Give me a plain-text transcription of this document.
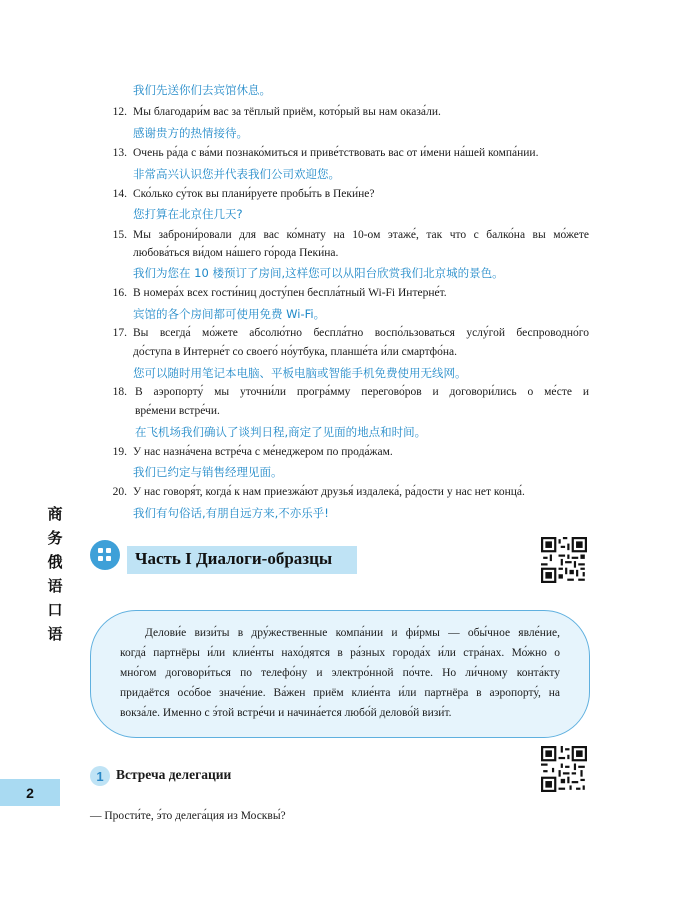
我们先送你们去宾馆休息。
12. Мы благодари́м вас за тёплый приём, кото́рый вы нам оказа́ли.
感谢贵方的热情接待。
13. Очень ра́да с ва́ми познако́миться и приве́тствовать вас от и́мени на́шей компа́нии.
非常高兴认识您并代表我们公司欢迎您。
14. Ско́лько су́ток вы плани́руете пробы́ть в Пеки́не?
您打算在北京住几天?
15. Мы заброни́ровали для вас ко́мнату на 10-ом этаже́, так что с балко́на вы мо́жете
любова́ться ви́дом на́шего го́рода Пеки́на.
我们为您在 10 楼预订了房间,这样您可以从阳台欣赏我们北京城的景色。
16. В номера́х всех гости́ниц досту́пен беспла́тный Wi-Fi Интерне́т.
宾馆的各个房间都可使用免费 Wi-Fi。
17. Вы всегда́ мо́жете абсолю́тно беспла́тно воспо́льзоваться услу́гой беспроводно́го
до́ступа в Интерне́т со своего́ но́утбука, планше́та и́ли смартфо́на.
您可以随时用笔记本电脑、平板电脑或智能手机免费使用无线网。
18. В аэропорту́ мы уточни́ли програ́мму перегово́ров и договори́лись о ме́сте и
вре́мени встре́чи.
在飞机场我们确认了谈判日程,商定了见面的地点和时间。
19. У нас назна́чена встре́ча с ме́неджером по прода́жам.
我们已约定与销售经理见面。
20. У нас говоря́т, когда́ к нам приезжа́ют друзья́ издалека́, ра́дости у нас нет конца́.
我们有句俗话,有朋自远方来,不亦乐乎!
商
务
俄
语
口
语
2
Часть I Диалоги-образцы
Делови́е визи́ты в дру́жественные компа́нии и фи́рмы — обы́чное явле́ние,
когда́ партнёры и́ли клие́нты нахо́дятся в ра́зных города́х и́ли стра́нах. Мо́жно о
мно́гом договори́ться по телефо́ну и электро́нной по́чте. Но ли́чному конта́кту
придаётся осо́бое значе́ние. Ва́жен приём клие́нта и́ли партнёра в аэропорту́, на
вокза́ле. Именно с э́той встре́чи и начина́ется любо́й делово́й визи́т.
1 Встреча делегации
— Прости́те, э́то делега́ция из Москвы́?
